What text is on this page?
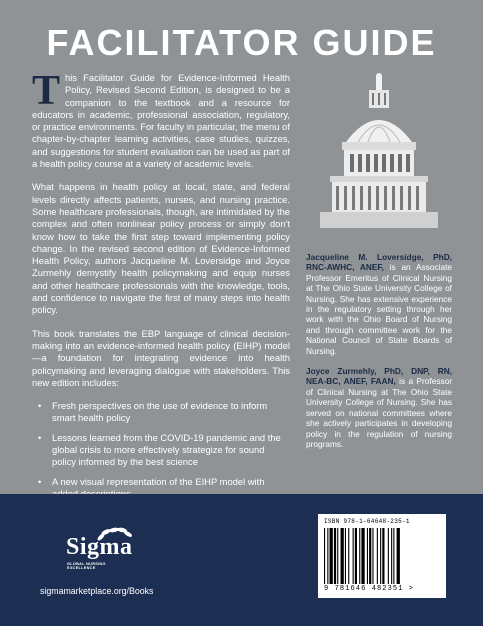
FACILITATOR GUIDE

This Facilitator Guide for Evidence-Informed Health Policy, Revised Second Edition, is designed to be a companion to the textbook and a resource for educators in academic, professional association, regulatory, or practice environments. For faculty in particular, the menu of chapter-by-chapter learning activities, case studies, quizzes, and suggestions for student evaluation can be used as part of a health policy course at a variety of academic levels.

What happens in health policy at local, state, and federal levels directly affects patients, nurses, and nursing practice. Some healthcare professionals, though, are intimidated by the complex and often nonlinear policy process or simply don't know how to take the first step toward implementing policy change. In the revised second edition of Evidence-Informed Health Policy, authors Jacqueline M. Loversidge and Joyce Zurmehly demystify health policymaking and equip nurses and other healthcare professionals with the knowledge, tools, and confidence to navigate the first of many steps into health policy.

This book translates the EBP language of clinical decision-making into an evidence-informed health policy (EIHP) model—a foundation for integrating evidence into health policymaking and leveraging dialogue with stakeholders. This new edition includes:

• Fresh perspectives on the use of evidence to inform smart health policy
• Lessons learned from the COVID-19 pandemic and the global crisis to more effectively strategize for sound policy informed by the best science
• A new visual representation of the EIHP model with
•

Jacqueline M. Loversidge, PhD, RNC-AWHC, ANEF, is an Associate Professor Emeritus of Clinical Nursing at The Ohio State University College of Nursing. She has extensive experience in the regulatory setting through her work with the Ohio Board of Nursing and through committee work for the National Council of State Boards of Nursing.

Joyce Zurmehly, PhD, DNP, RN, NEA-BC, ANEF, FAAN, is a Professor of Clinical Nursing at The Ohio State University College of Nursing. She has served on national committees where she actively participates in developing policy in the regulation of nursing programs.

Sigma
GLOBAL NURSING
EXCELLENCE
sigmamarketplace.org/Books
ISBN 978-1-64648-235-1
9 781646 482351 >
